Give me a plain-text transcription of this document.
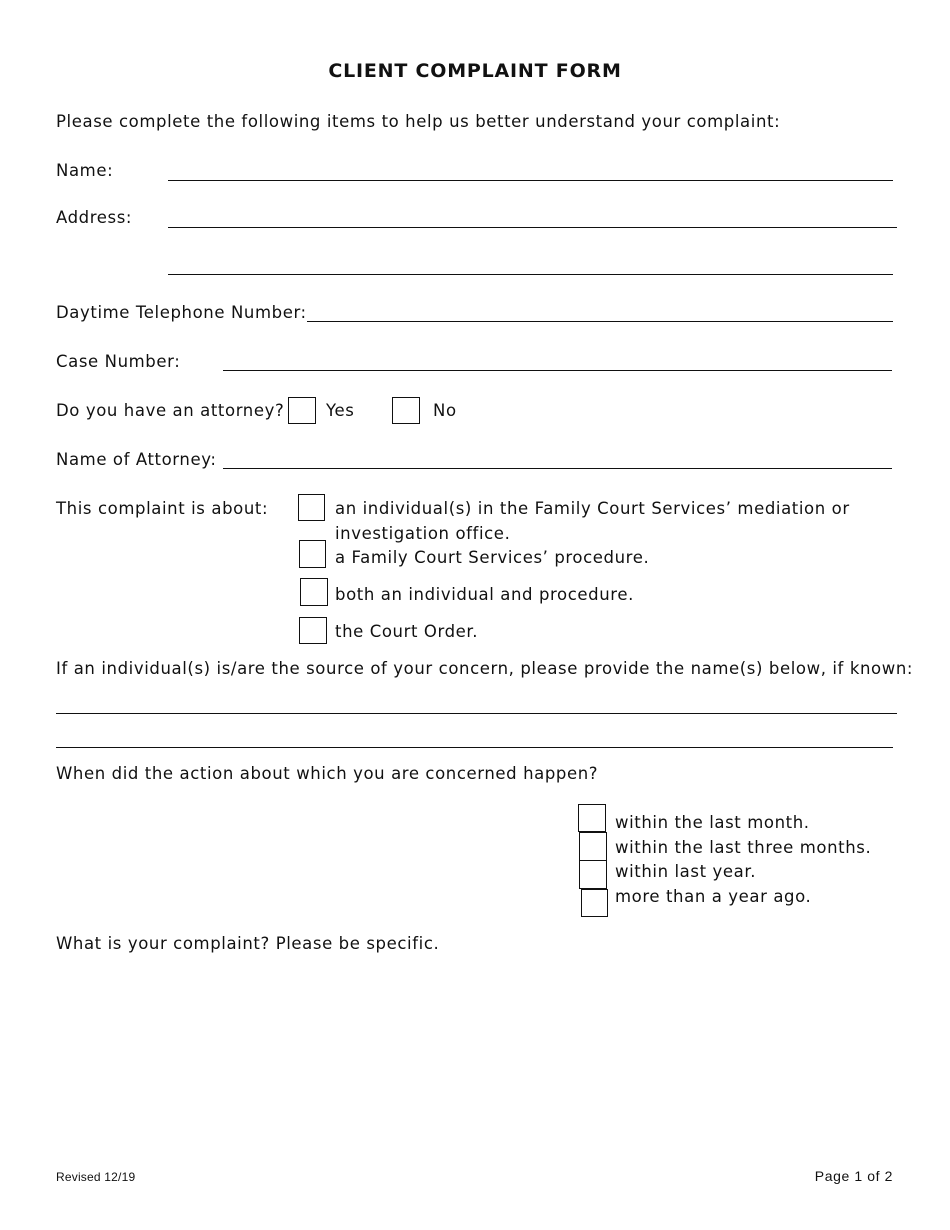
CLIENT COMPLAINT FORM
Please complete the following items to help us better understand your complaint:
Name:
Address:
Daytime Telephone Number:
Case Number:
Do you have an attorney?	Yes	No
Name of Attorney:
This complaint is about:	an individual(s) in the Family Court Services’ mediation or
investigation office.
a Family Court Services’ procedure.
both an individual and procedure.
the Court Order.
If an individual(s) is/are the source of your concern, please provide the name(s) below, if known:
When did the action about which you are concerned happen?
within the last month.
within the last three months.
within last year.
more than a year ago.
What is your complaint? Please be specific.
Revised 12/19	Page 1 of 2
